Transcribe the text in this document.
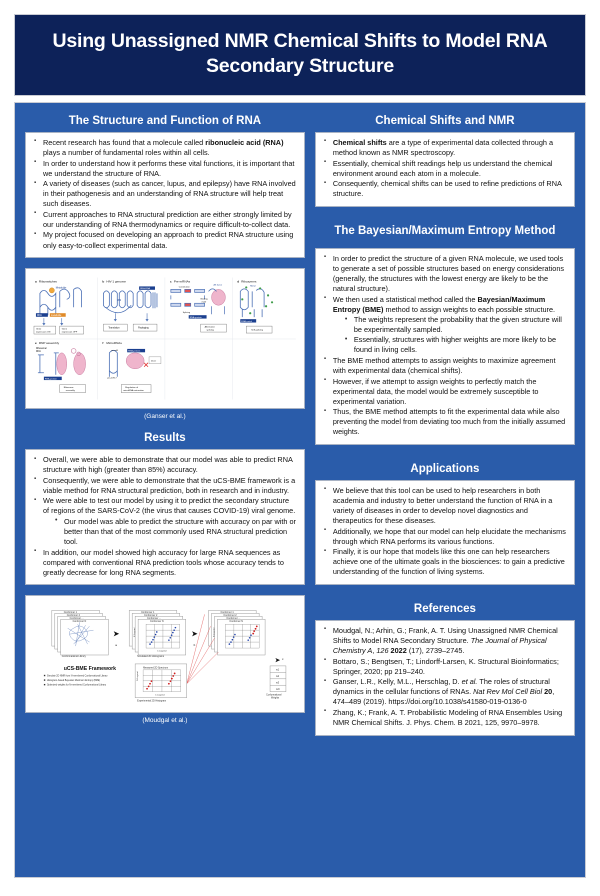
Using Unassigned NMR Chemical Shifts to Model RNA Secondary Structure
The Structure and Function of RNA
▪ Recent research has found that a molecule called ribonucleic acid (RNA) plays a number of fundamental roles within all cells.
▪ In order to understand how it performs these vital functions, it is important that we understand the structure of RNA.
▪ A variety of diseases (such as cancer, lupus, and epilepsy) have RNA involved in their pathogenesis and an understanding of RNA structure will help treat such diseases.
▪ Current approaches to RNA structural prediction are either strongly limited by our understanding of RNA thermodynamics or require difficult-to-collect data.
▪ My project focused on developing an approach to predict RNA structure using only easy-to-collect experimental data.
a Riboswitches	b HIV-1 genome	c Pre-mRNAs	d Ribozymes
e RNP assembly	f MicroRNAs
Metabolite
RNA	metabolite
Gene
expression ON
Gene
expression OFF
gag
RNA-RNA
Translation	Packaging
Constitutive
Splicing
AS factor
Binding
motif
RNA-protein
Alternative
splicing
Metal
RNA-metal
Self-splicing
Ribosomal
RNA
RNA-protein
Ribosome
assembly
pri-miR
pre-miR-?
RNA-protein
Dicer
Regulation of
microRNA maturation
(Ganser et al.)
Results
▪ Overall, we were able to demonstrate that our model was able to predict RNA structure with high (greater than 85%) accuracy.
▪ Consequently, we were able to demonstrate that the uCS-BME framework is a viable method for RNA structural prediction, both in research and in industry.
▪ We were able to test our model by using it to predict the secondary structure of regions of the SARS-CoV-2 (the virus that causes COVID-19) viral genome.
• Our model was able to predict the structure with accuracy on par with or better than that of the most commonly used RNA structural prediction tool.
▪ In addition, our model showed high accuracy for large RNA sequences as compared with conventional RNA prediction tools whose accuracy tends to greatly decrease for long RNA segments.
Conformer 1
Conformer 2
Conformer ...
Conformer N
Conformational Library
➤
a
Conformer 1
Conformer 2
Conformer ...
Conformer N
N Legend
C Legend
Simulated 2D Histograms
➤
b
Conformer 1
Conformer 2
Conformer ...
Conformer N
N Legend
Measured 2D Spectrum
N Legend
C Legend
Experimental 2D Histogram
➤ c
w1
w2
w3
wN
Conformational
Weights
uCS-BME Framework
Simulate 2D NMR from N-membered Conformational Library
Histogram-based Bayesian Maximum Entropy (BME)
Optimized weights for N-membered Conformational Library
(Moudgal et al.)
Chemical Shifts and NMR
▪ Chemical shifts are a type of experimental data collected through a method known as NMR spectroscopy.
▪ Essentially, chemical shift readings help us understand the chemical environment around each atom in a molecule.
▪ Consequently, chemical shifts can be used to refine predictions of RNA structure.
The Bayesian/Maximum Entropy Method
▪ In order to predict the structure of a given RNA molecule, we used tools to generate a set of possible structures based on energy considerations (generally, the structures with the lowest energy are likely to be the natural structure).
▪ We then used a statistical method called the Bayesian/Maximum Entropy (BME) method to assign weights to each possible structure.
• The weights represent the probability that the given structure will be experimentally sampled.
• Essentially, structures with higher weights are more likely to be found in living cells.
▪ The BME method attempts to assign weights to maximize agreement with experimental data (chemical shifts).
▪ However, if we attempt to assign weights to perfectly match the experimental data, the model would be extremely susceptible to experimental variation.
▪ Thus, the BME method attempts to fit the experimental data while also preventing the model from deviating too much from the initially assumed weights.
Applications
▪ We believe that this tool can be used to help researchers in both academia and industry to better understand the function of RNA in a variety of diseases in order to develop novel diagnostics and therapeutics for these diseases.
▪ Additionally, we hope that our model can help elucidate the mechanisms through which RNA performs its various functions.
▪ Finally, it is our hope that models like this one can help researchers achieve one of the ultimate goals in the biosciences: to gain a predictive understanding of the function of living systems.
References
▪ Moudgal, N.; Arhin, G.; Frank, A. T. Using Unassigned NMR Chemical Shifts to Model RNA Secondary Structure. The Journal of Physical Chemistry A, 126 2022 (17), 2739–2745.
▪ Bottaro, S.; Bengtsen, T.; Lindorff-Larsen, K. Structural Bioinformatics; Springer, 2020; pp 219–240.
▪ Ganser, L.R., Kelly, M.L., Herschlag, D. et al. The roles of structural dynamics in the cellular functions of RNAs. Nat Rev Mol Cell Biol 20, 474–489 (2019). https://doi.org/10.1038/s41580-019-0136-0
▪ Zhang, K.; Frank, A. T. Probabilistic Modeling of RNA Ensembles Using NMR Chemical Shifts. J. Phys. Chem. B 2021, 125, 9970–9978.
